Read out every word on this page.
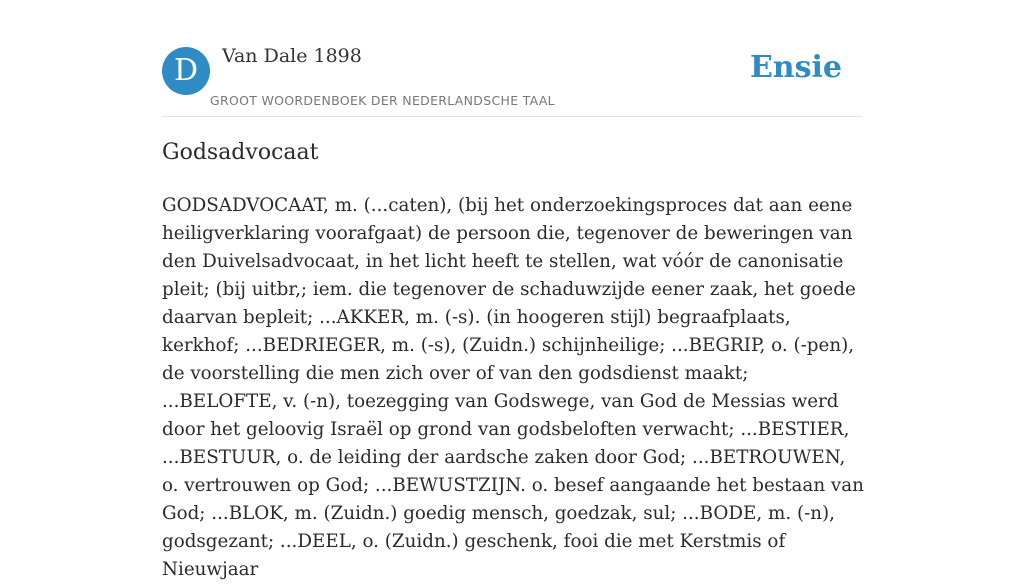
D	Van Dale 1898
GROOT WOORDENBOEK DER NEDERLANDSCHE TAAL
Ensie
Godsadvocaat

GODSADVOCAAT, m. (...caten), (bij het onderzoekingsproces dat aan eene heiligverklaring voorafgaat) de persoon die, tegenover de beweringen van den Duivelsadvocaat, in het licht heeft te stellen, wat vóór de canonisatie pleit; (bij uitbr,; iem. die tegenover de schaduwzijde eener zaak, het goede daarvan bepleit; ...AKKER, m. (-s). (in hoogeren stijl) begraafplaats, kerkhof; ...BEDRIEGER, m. (-s), (Zuidn.) schijnheilige; ...BEGRIP, o. (-pen), de voorstelling die men zich over of van den godsdienst maakt; ...BELOFTE, v. (-n), toezegging van Godswege, van God de Messias werd door het geloovig Israël op grond van godsbeloften verwacht; ...BESTIER, ...BESTUUR, o. de leiding der aardsche zaken door God; ...BETROUWEN, o. vertrouwen op God; ...BEWUSTZIJN. o. besef aangaande het bestaan van God; ...BLOK, m. (Zuidn.) goedig mensch, goedzak, sul; ...BODE, m. (-n), godsgezant; ...DEEL, o. (Zuidn.) geschenk, fooi die met Kerstmis of Nieuwjaar
